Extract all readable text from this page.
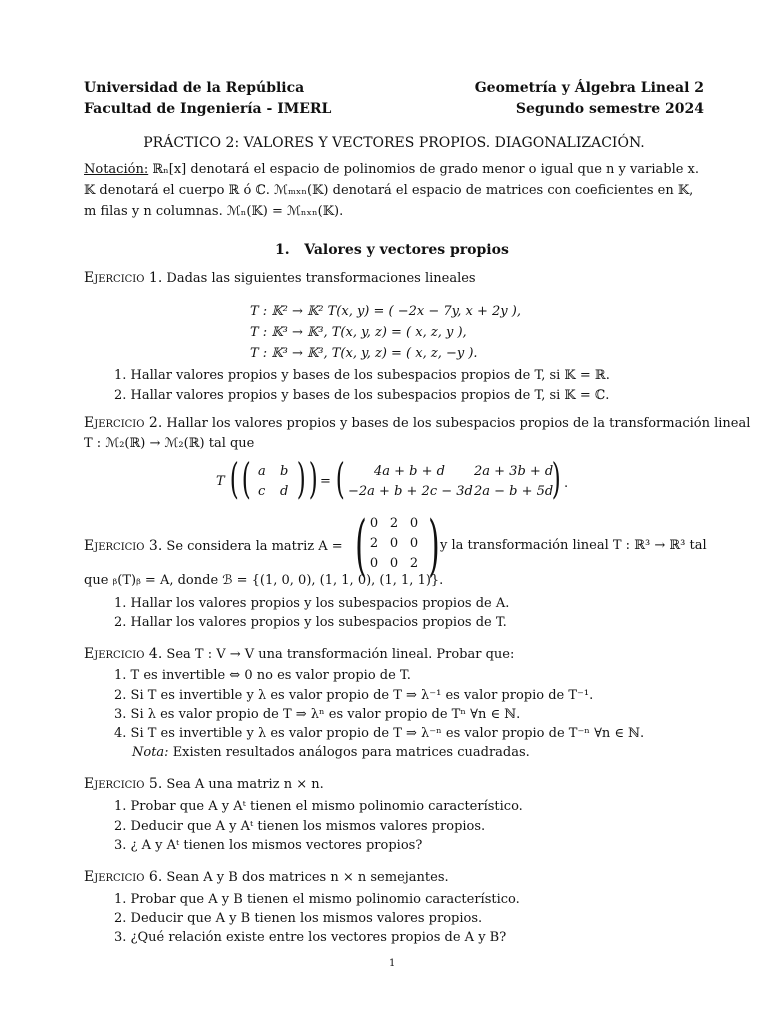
Universidad de la República
Facultad de Ingeniería - IMERL
Geometría y Álgebra Lineal 2
Segundo semestre 2024
PRÁCTICO 2: VALORES Y VECTORES PROPIOS. DIAGONALIZACIÓN.
Notación: ℝₙ[x] denotará el espacio de polinomios de grado menor o igual que n y variable x.
𝕂 denotará el cuerpo ℝ ó ℂ. ℳₘₓₙ(𝕂) denotará el espacio de matrices con coeficientes en 𝕂,
m filas y n columnas. ℳₙ(𝕂) = ℳₙₓₙ(𝕂).
1. Valores y vectores propios
Ejercicio 1. Dadas las siguientes transformaciones lineales
T : 𝕂² → 𝕂² T(x, y) = ( −2x − 7y, x + 2y ),
T : 𝕂³ → 𝕂³, T(x, y, z) = ( x, z, y ),
T : 𝕂³ → 𝕂³, T(x, y, z) = ( x, z, −y ).
1. Hallar valores propios y bases de los subespacios propios de T, si 𝕂 = ℝ.
2. Hallar valores propios y bases de los subespacios propios de T, si 𝕂 = ℂ.
Ejercicio 2. Hallar los valores propios y bases de los subespacios propios de la transformación lineal
T : ℳ₂(ℝ) → ℳ₂(ℝ) tal que
T ( ( a b
c d ) ) = ( 4a + b + d 2a + 3b + d
−2a + b + 2c − 3d 2a − b + 5d
) .
Ejercicio 3. Se considera la matriz A = ( 0 2 0
2 0 0
0 0 2 ) y la transformación lineal T : ℝ³ → ℝ³ tal
que ᵦ(T)ᵦ = A, donde ℬ = {(1, 0, 0), (1, 1, 0), (1, 1, 1)}.
1. Hallar los valores propios y los subespacios propios de A.
2. Hallar los valores propios y los subespacios propios de T.
Ejercicio 4. Sea T : V → V una transformación lineal. Probar que:
1. T es invertible ⇔ 0 no es valor propio de T.
2. Si T es invertible y λ es valor propio de T ⇒ λ⁻¹ es valor propio de T⁻¹.
3. Si λ es valor propio de T ⇒ λⁿ es valor propio de Tⁿ ∀n ∈ ℕ.
4. Si T es invertible y λ es valor propio de T ⇒ λ⁻ⁿ es valor propio de T⁻ⁿ ∀n ∈ ℕ.
Nota: Existen resultados análogos para matrices cuadradas.
Ejercicio 5. Sea A una matriz n × n.
1. Probar que A y Aᵗ tienen el mismo polinomio característico.
2. Deducir que A y Aᵗ tienen los mismos valores propios.
3. ¿ A y Aᵗ tienen los mismos vectores propios?
Ejercicio 6. Sean A y B dos matrices n × n semejantes.
1. Probar que A y B tienen el mismo polinomio característico.
2. Deducir que A y B tienen los mismos valores propios.
3. ¿Qué relación existe entre los vectores propios de A y B?
1
